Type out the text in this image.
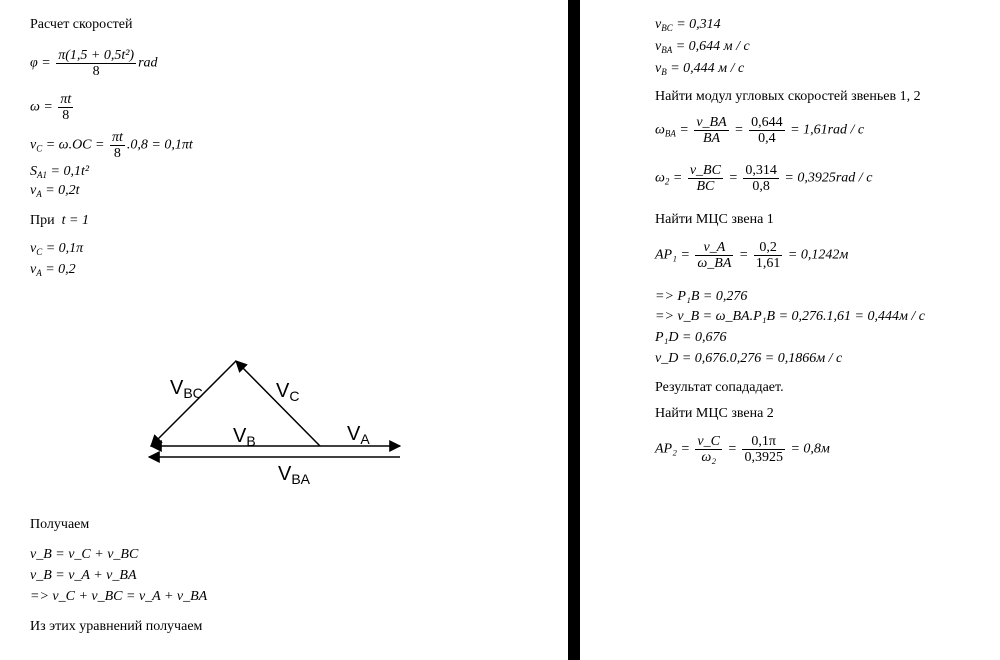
Расчет скоростей
$\varphi = \frac{\text{π(1,5 + 0,5t²)}}{8}$ rad
$\omega = \frac{\pi t}{8}$
$v_C = \omega.OC = \frac{\pi t}{8} .0,8 = 0,1\pi t$
$S_{A1} = 0,1t^2$
$v_A = 0,2t$
При t = 1
$v_C = 0,1\pi$
$v_A = 0,2$
$V_{BC}$	$V_C$
$V_B$	$V_A$
$V_{BA}$
Получаем
v_B = v_C + v_BC
v_B = v_A + v_BA
=> v_C + v_BC = v_A + v_BA
Из этих уравнений получаем
$v_{BC} = 0,314$
$v_{BA} = 0,644$ м / с
$v_B = 0,444$ м / с
Найти модул угловых скоростей звеньев 1, 2
$\omega_{BA} = \frac{v\_BA}{BA} = \frac{0,644}{0,4} = 1,61rad / c$
$\omega_2 = \frac{v\_BC}{BC} = \frac{0,314}{0,8} = 0,3925rad / c$
Найти МЦС звена 1
$AP_1 = \frac{v\_A}{\omega\_BA} = \frac{0,2}{1,61} = 0,1242м$
=> P₁B = 0,276
=> v_B = ω_BA.P₁B = 0,276.1,61 = 0,444м / с
P₁D = 0,676
v_D = 0,676.0,276 = 0,1866м / с
Результат сопададает.
Найти МЦС звена 2
$AP_2 = \frac{v\_C}{\text{ω₂}} = \frac{0,1\pi}{0,3925} = 0,8м$
